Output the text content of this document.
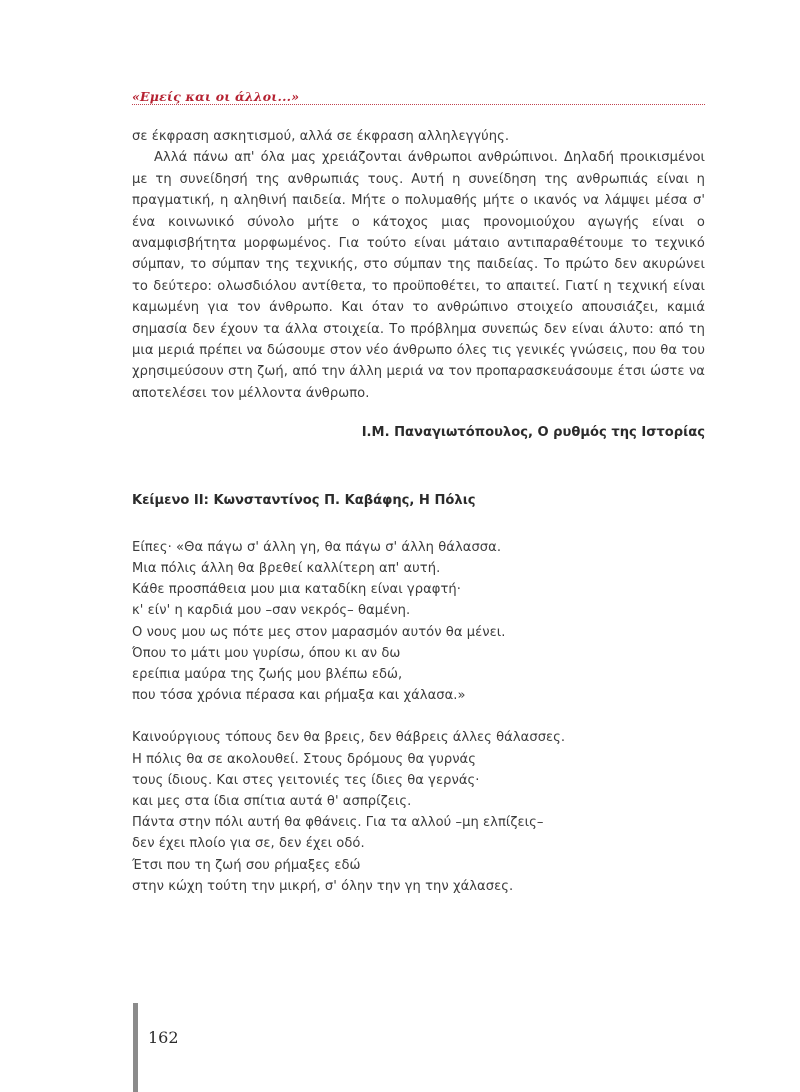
«Εμείς και οι άλλοι...»

σε έκφραση ασκητισμού, αλλά σε έκφραση αλληλεγγύης.

Αλλά πάνω απ' όλα μας χρειάζονται άνθρωποι ανθρώπινοι. Δηλαδή προικισμένοι με τη συνείδησή της ανθρωπιάς τους. Αυτή η συνείδηση της ανθρωπιάς είναι η πραγματική, η αληθινή παιδεία. Μήτε ο πολυμαθής μήτε ο ικανός να λάμψει μέσα σ' ένα κοινωνικό σύνολο μήτε ο κάτοχος μιας προνομιούχου αγωγής είναι ο αναμφισβήτητα μορφωμένος. Για τούτο είναι μάταιο αντιπαραθέτουμε το τεχνικό σύμπαν, το σύμπαν της τεχνικής, στο σύμπαν της παιδείας. Το πρώτο δεν ακυρώνει το δεύτερο: ολωσδιόλου αντίθετα, το προϋποθέτει, το απαιτεί. Γιατί η τεχνική είναι καμωμένη για τον άνθρωπο. Και όταν το ανθρώπινο στοιχείο απουσιάζει, καμιά σημασία δεν έχουν τα άλλα στοιχεία. Το πρόβλημα συνεπώς δεν είναι άλυτο: από τη μια μεριά πρέπει να δώσουμε στον νέο άνθρωπο όλες τις γενικές γνώσεις, που θα του χρησιμεύσουν στη ζωή, από την άλλη μεριά να τον προπαρασκευάσουμε έτσι ώστε να αποτελέσει τον μέλλοντα άνθρωπο.

Ι.Μ. Παναγιωτόπουλος, Ο ρυθμός της Ιστορίας
Κείμενο II: Κωνσταντίνος Π. Καβάφης, Η Πόλις
Είπες· «Θα πάγω σ' άλλη γη, θα πάγω σ' άλλη θάλασσα.
Μια πόλις άλλη θα βρεθεί καλλίτερη απ' αυτή.
Κάθε προσπάθεια μου μια καταδίκη είναι γραφτή·
κ' είν' η καρδιά μου –σαν νεκρός– θαμένη.
Ο νους μου ως πότε μες στον μαρασμόν αυτόν θα μένει.
Όπου το μάτι μου γυρίσω, όπου κι αν δω
ερείπια μαύρα της ζωής μου βλέπω εδώ,
που τόσα χρόνια πέρασα και ρήμαξα και χάλασα.»
Καινούργιους τόπους δεν θα βρεις, δεν θάβρεις άλλες θάλασσες.
Η πόλις θα σε ακολουθεί. Στους δρόμους θα γυρνάς
τους ίδιους. Και στες γειτονιές τες ίδιες θα γερνάς·
και μες στα ίδια σπίτια αυτά θ' ασπρίζεις.
Πάντα στην πόλι αυτή θα φθάνεις. Για τα αλλού –μη ελπίζεις–
δεν έχει πλοίο για σε, δεν έχει οδό.
Έτσι που τη ζωή σου ρήμαξες εδώ
στην κώχη τούτη την μικρή, σ' όλην την γη την χάλασες.
162
